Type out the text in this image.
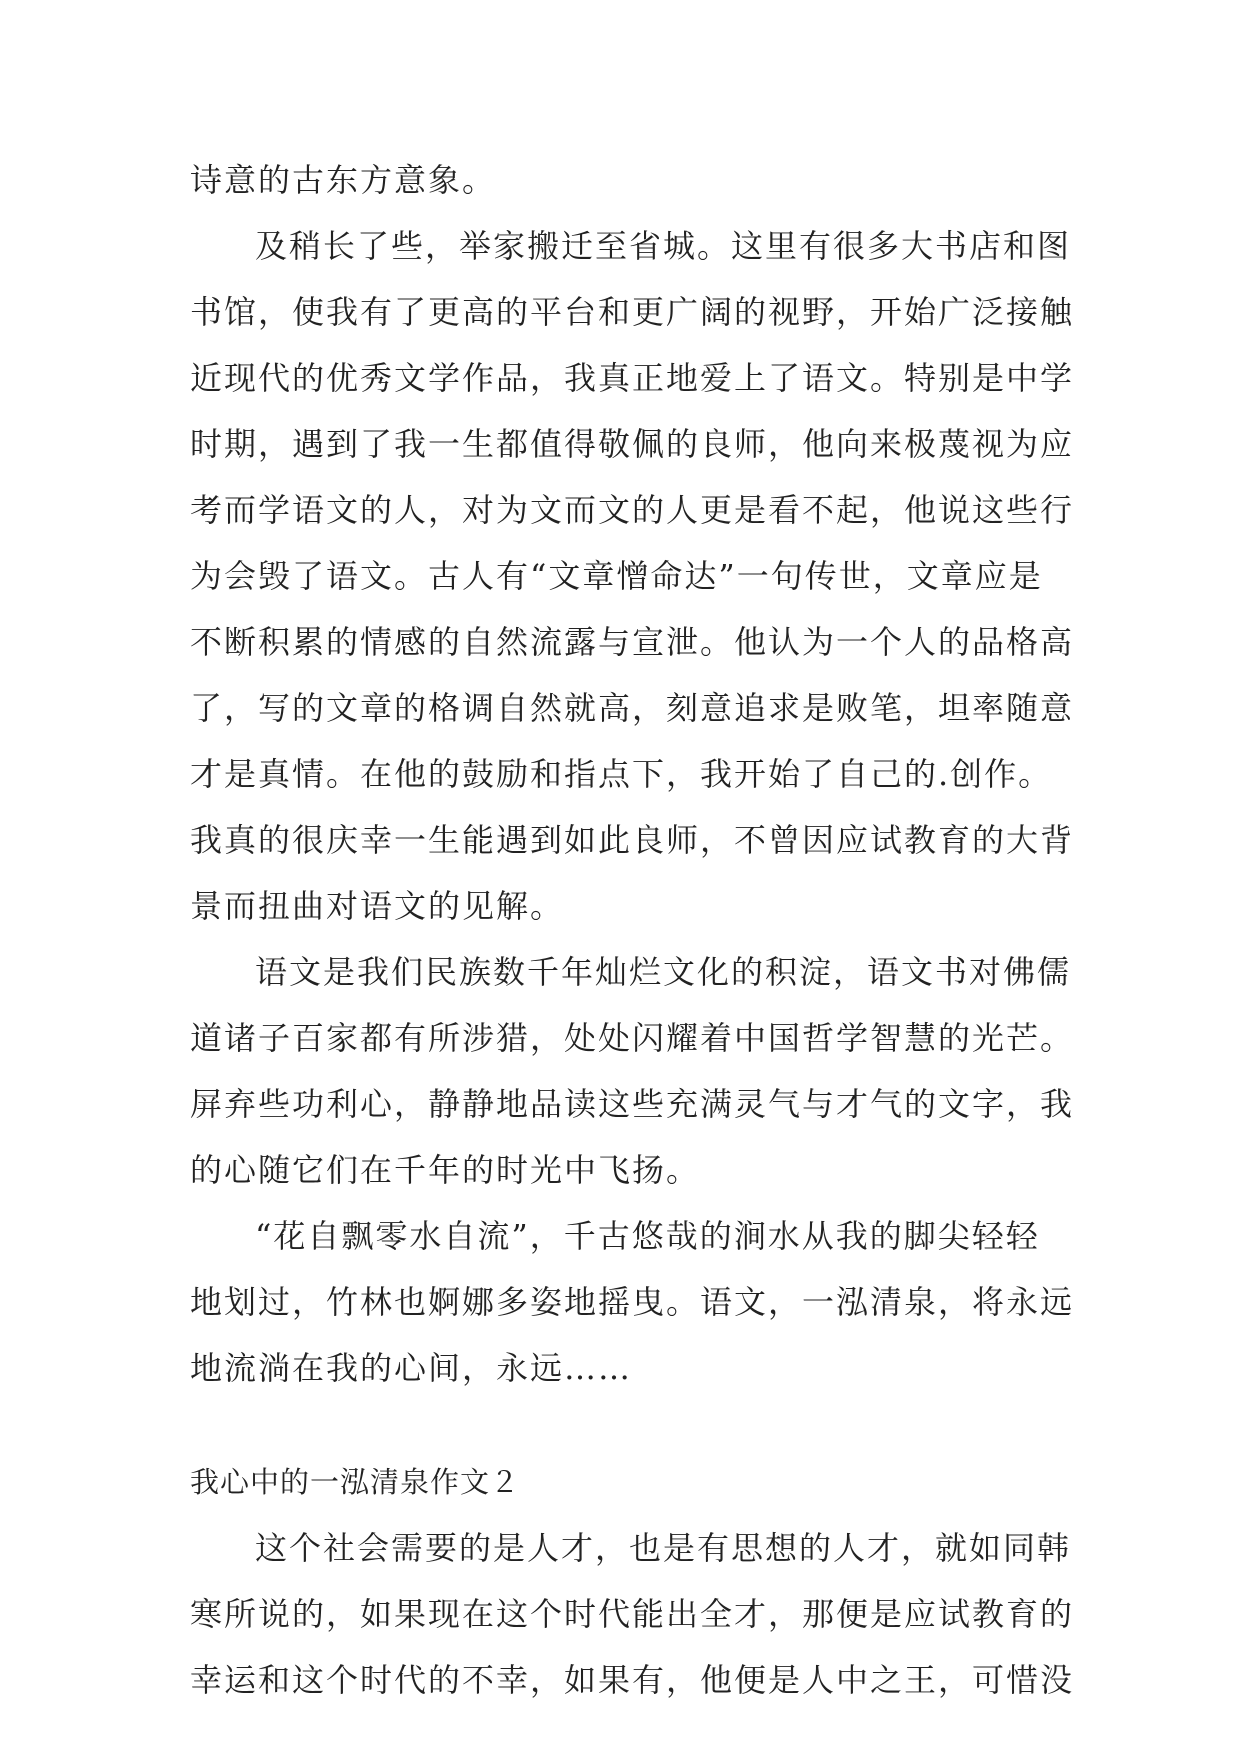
诗意的古东方意象。

及稍长了些，举家搬迁至省城。这里有很多大书店和图

书馆，使我有了更高的平台和更广阔的视野，开始广泛接触

近现代的优秀文学作品，我真正地爱上了语文。特别是中学

时期，遇到了我一生都值得敬佩的良师，他向来极蔑视为应

考而学语文的人，对为文而文的人更是看不起，他说这些行

为会毁了语文。古人有“文章憎命达”一句传世，文章应是

不断积累的情感的自然流露与宣泄。他认为一个人的品格高

了，写的文章的格调自然就高，刻意追求是败笔，坦率随意

才是真情。在他的鼓励和指点下，我开始了自己的.创作。

我真的很庆幸一生能遇到如此良师，不曾因应试教育的大背

景而扭曲对语文的见解。

语文是我们民族数千年灿烂文化的积淀，语文书对佛儒

道诸子百家都有所涉猎，处处闪耀着中国哲学智慧的光芒。

屏弃些功利心，静静地品读这些充满灵气与才气的文字，我

的心随它们在千年的时光中飞扬。

“花自飘零水自流”，千古悠哉的涧水从我的脚尖轻轻

地划过，竹林也婀娜多姿地摇曳。语文，一泓清泉，将永远

地流淌在我的心间，永远……

我心中的一泓清泉作文２

这个社会需要的是人才，也是有思想的人才，就如同韩

寒所说的，如果现在这个时代能出全才，那便是应试教育的

幸运和这个时代的不幸，如果有，他便是人中之王，可惜没
